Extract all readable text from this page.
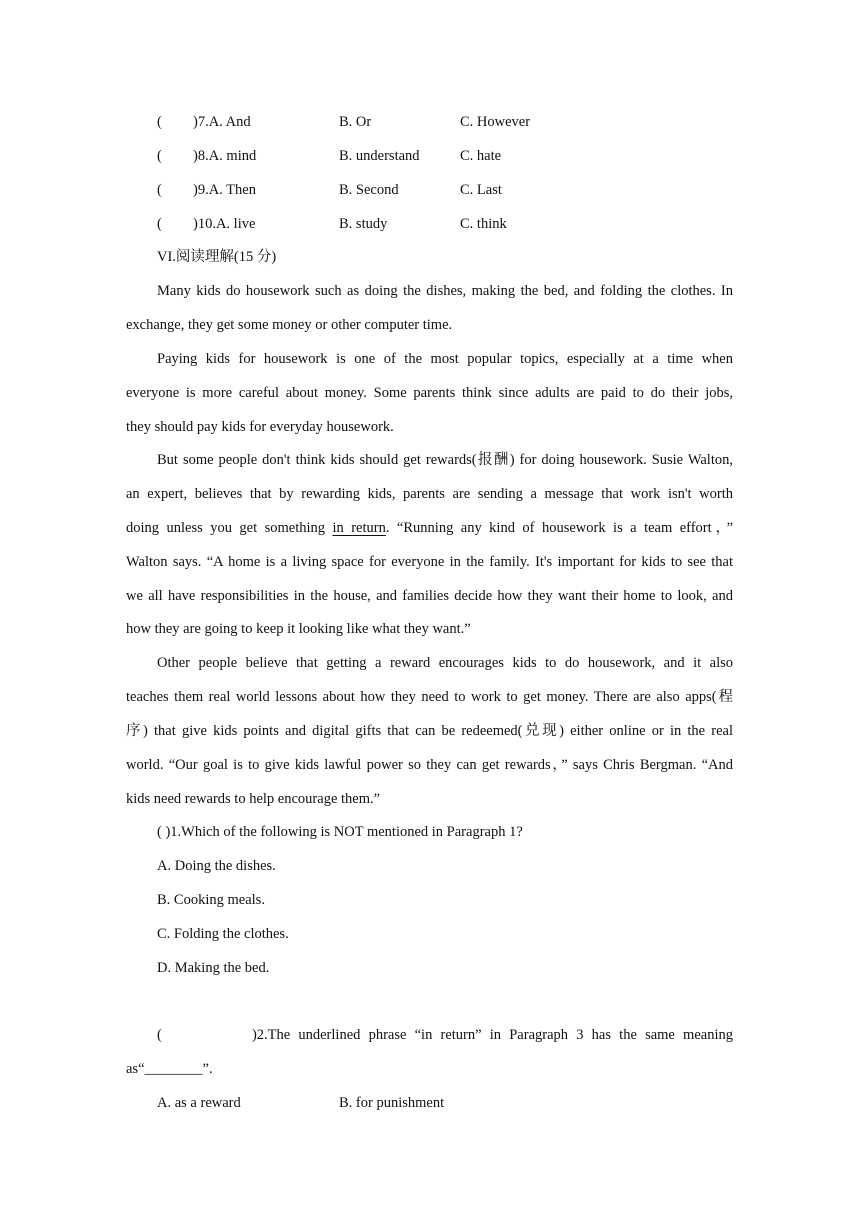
( )7.A. And	B. Or	C. However
( )8.A. mind	B. understand	C. hate
( )9.A. Then	B. Second	C. Last
( )10.A. live	B. study	C. think
VI.阅读理解(15 分)
Many kids do housework such as doing the dishes, making the bed, and folding the clothes. In
exchange, they get some money or other computer time.
Paying kids for housework is one of the most popular topics, especially at a time when
everyone is more careful about money. Some parents think since adults are paid to do their jobs,
they should pay kids for everyday housework.
But some people don't think kids should get rewards(报酬) for doing housework. Susie Walton,
an expert, believes that by rewarding kids, parents are sending a message that work isn't worth
doing unless you get something in return. “Running any kind of housework is a team effort，”
Walton says. “A home is a living space for everyone in the family. It's important for kids to see that
we all have responsibilities in the house, and families decide how they want their home to look, and
how they are going to keep it looking like what they want.”
Other people believe that getting a reward encourages kids to do housework, and it also
teaches them real world lessons about how they need to work to get money. There are also apps(程
序) that give kids points and digital gifts that can be redeemed(兑现) either online or in the real
world. “Our goal is to give kids lawful power so they can get rewards，” says Chris Bergman. “And
kids need rewards to help encourage them.”
( )1.Which of the following is NOT mentioned in Paragraph 1?
A. Doing the dishes.
B. Cooking meals.
C. Folding the clothes.
D. Making the bed.
(           )2.The underlined phrase “in return” in Paragraph 3 has the same meaning
as“________”.
A. as a reward	B. for punishment
